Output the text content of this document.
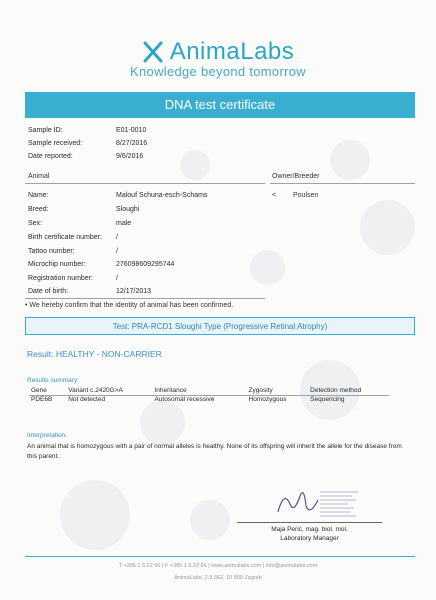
AnimaLabs
Knowledge beyond tomorrow
DNA test certificate
Sample ID:	E01-0010
Sample received:	8/27/2016
Date reported:	9/6/2016
Animal	Owner/Breeder
Name:	Malouf Schuna-esch-Schams	< Poulsen
Breed:	Sloughi
Sex:	male
Birth certificate number:	/
Tattoo number:	/
Microchip number:	276098609295744
Registration number:	/
Date of birth:	12/17/2013
• We hereby confirm that the identity of animal has been confirmed.
Test: PRA-RCD1 Sloughi Type (Progressive Retinal Atrophy)
Result: HEALTHY - NON-CARRIER
Results summary:
Gene	Variant c.2420G>A	Inheritance	Zygosity	Detection method
PDE6B	Not detected	Autosomal recessive	Homozygous	Sequencing
Interpretation:
An animal that is homozygous with a pair of normal alleles is healthy. None of its offspring will inherit the allele for the disease from this parent.
Maja Perić, mag. biol. mol.
Laboratory Manager
T +385 1 6 22 66 | F +385 1 6 22 66 | www.animalabs.com | info@animalabs.com
AnimaLabs, 2.9.362, 10 000 Zagreb
